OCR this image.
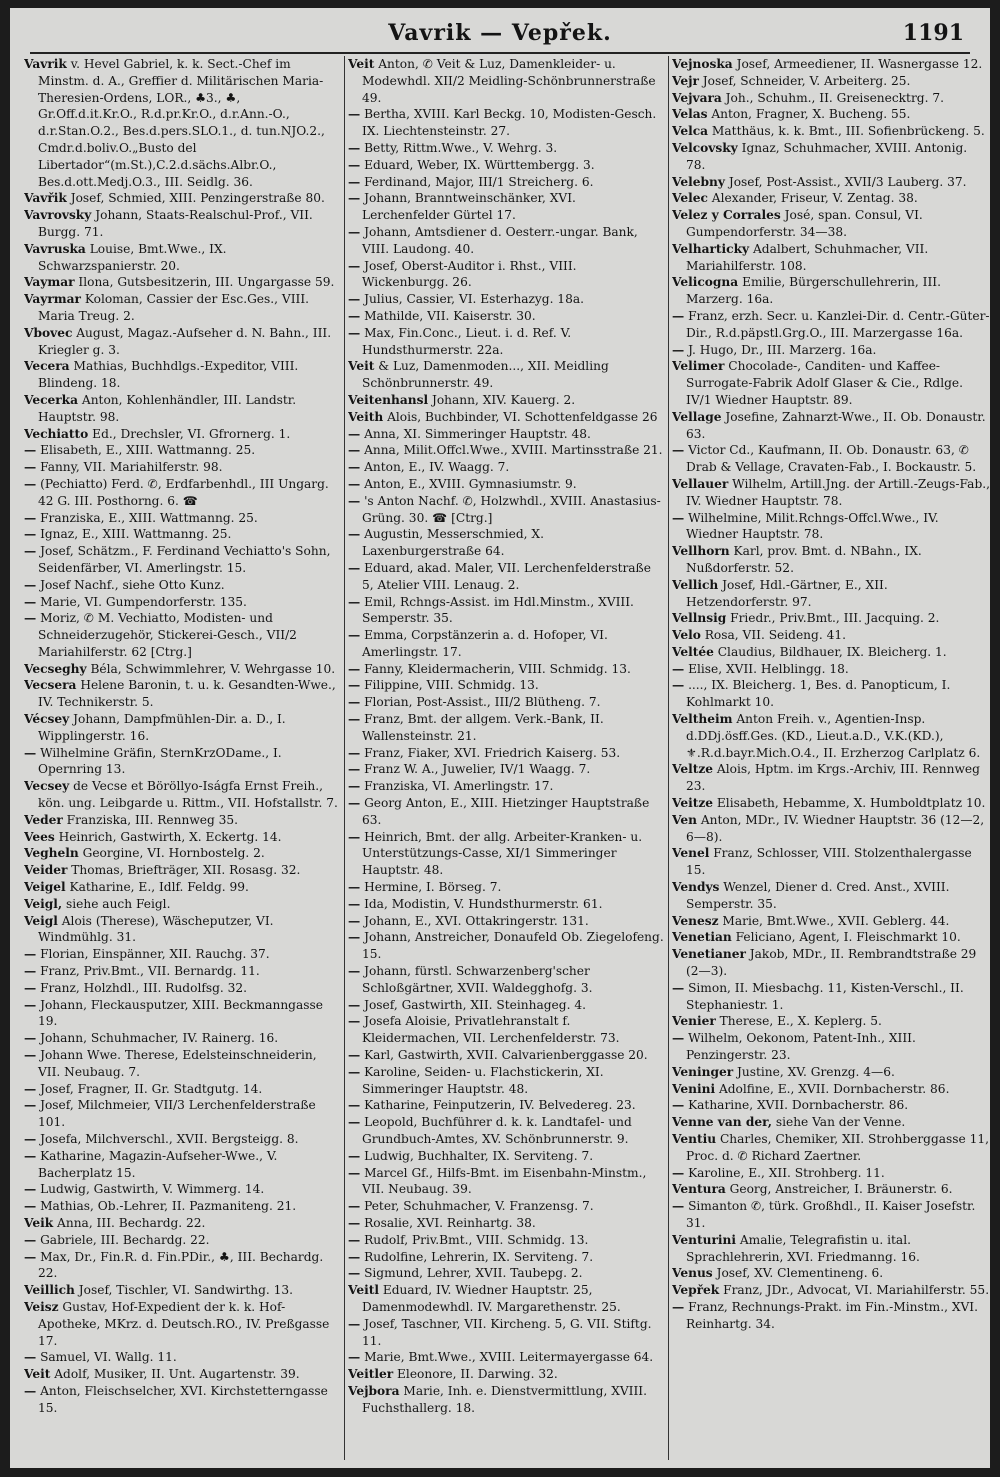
Vavrik — Vepřek.	1191

Vavrik v. Hevel Gabriel, k. k. Sect.-Chef im Minstm. d. A., Greffier d. Militärischen Maria-Theresien-Ordens, LOR., ♣3., ♣, Gr.Off.d.it.Kr.O., R.d.pr.Kr.O., d.r.Ann.-O., d.r.Stan.O.2., Bes.d.pers.SLO.1., d. tun.NJO.2., Cmdr.d.boliv.O.„Busto del Libertador“(m.St.),C.2.d.sächs.Albr.O., Bes.d.ott.Medj.O.3., III. Seidlg. 36.

Vavřik Josef, Schmied, XIII. Penzingerstraße 80.

Vavrovsky Johann, Staats-Realschul-Prof., VII. Burgg. 71.

Vavruska Louise, Bmt.Wwe., IX. Schwarzspanierstr. 20.

Vaymar Ilona, Gutsbesitzerin, III. Ungargasse 59.

Vayrmar Koloman, Cassier der Esc.Ges., VIII. Maria Treug. 2.

Vbovec August, Magaz.-Aufseher d. N. Bahn., III. Kriegler g. 3.

Vecera Mathias, Buchhdlgs.-Expeditor, VIII. Blindeng. 18.

Vecerka Anton, Kohlenhändler, III. Landstr. Hauptstr. 98.

Vechiatto Ed., Drechsler, VI. Gfrornerg. 1.

— Elisabeth, E., XIII. Wattmanng. 25.

— Fanny, VII. Mariahilferstr. 98.

— (Pechiatto) Ferd. ✆, Erdfarbenhdl., III Ungarg. 42 G. III. Posthorng. 6. ☎

— Franziska, E., XIII. Wattmanng. 25.

— Ignaz, E., XIII. Wattmanng. 25.

— Josef, Schätzm., F. Ferdinand Vechiatto's Sohn, Seidenfärber, VI. Amerlingstr. 15.

— Josef Nachf., siehe Otto Kunz.

— Marie, VI. Gumpendorferstr. 135.

— Moriz, ✆ M. Vechiatto, Modisten- und Schneiderzugehör, Stickerei-Gesch., VII/2 Mariahilferstr. 62 [Ctrg.]

Vecseghy Béla, Schwimmlehrer, V. Wehrgasse 10.

Vecsera Helene Baronin, t. u. k. Gesandten-Wwe., IV. Technikerstr. 5.

Vécsey Johann, Dampfmühlen-Dir. a. D., I. Wipplingerstr. 16.

— Wilhelmine Gräfin, SternKrzODame., I. Opernring 13.

Vecsey de Vecse et Böröllyo-Iságfa Ernst Freih., kön. ung. Leibgarde u. Rittm., VII. Hofstallstr. 7.

Veder Franziska, III. Rennweg 35.

Vees Heinrich, Gastwirth, X. Eckertg. 14.

Vegheln Georgine, VI. Hornbostelg. 2.

Veider Thomas, Briefträger, XII. Rosasg. 32.

Veigel Katharine, E., Idlf. Feldg. 99.

Veigl, siehe auch Feigl.

Veigl Alois (Therese), Wäscheputzer, VI. Windmühlg. 31.

— Florian, Einspänner, XII. Rauchg. 37.

— Franz, Priv.Bmt., VII. Bernardg. 11.

— Franz, Holzhdl., III. Rudolfsg. 32.

— Johann, Fleckausputzer, XIII. Beckmanngasse 19.

— Johann, Schuhmacher, IV. Rainerg. 16.

— Johann Wwe. Therese, Edelsteinschneiderin, VII. Neubaug. 7.

— Josef, Fragner, II. Gr. Stadtgutg. 14.

— Josef, Milchmeier, VII/3 Lerchenfelderstraße 101.

— Josefa, Milchverschl., XVII. Bergsteigg. 8.

— Katharine, Magazin-Aufseher-Wwe., V. Bacherplatz 15.

— Ludwig, Gastwirth, V. Wimmerg. 14.

— Mathias, Ob.-Lehrer, II. Pazmaniteng. 21.

Veik Anna, III. Bechardg. 22.

— Gabriele, III. Bechardg. 22.

— Max, Dr., Fin.R. d. Fin.PDir., ♣, III. Bechardg. 22.

Veillich Josef, Tischler, VI. Sandwirthg. 13.

Veisz Gustav, Hof-Expedient der k. k. Hof-Apotheke, MKrz. d. Deutsch.RO., IV. Preßgasse 17.

— Samuel, VI. Wallg. 11.

Veit Adolf, Musiker, II. Unt. Augartenstr. 39.

— Anton, Fleischselcher, XVI. Kirchstetterngasse 15.

Veit Anton, ✆ Veit & Luz, Damenkleider- u. Modewhdl. XII/2 Meidling-Schönbrunnerstraße 49.

— Bertha, XVIII. Karl Beckg. 10, Modisten-Gesch. IX. Liechtensteinstr. 27.

— Betty, Rittm.Wwe., V. Wehrg. 3.

— Eduard, Weber, IX. Württembergg. 3.

— Ferdinand, Major, III/1 Streicherg. 6.

— Johann, Branntweinschänker, XVI. Lerchenfelder Gürtel 17.

— Johann, Amtsdiener d. Oesterr.-ungar. Bank, VIII. Laudong. 40.

— Josef, Oberst-Auditor i. Rhst., VIII. Wickenburgg. 26.

— Julius, Cassier, VI. Esterhazyg. 18a.

— Mathilde, VII. Kaiserstr. 30.

— Max, Fin.Conc., Lieut. i. d. Ref. V. Hundsthurmerstr. 22a.

Veit & Luz, Damenmoden..., XII. Meidling Schönbrunnerstr. 49.

Veitenhansl Johann, XIV. Kauerg. 2.

Veith Alois, Buchbinder, VI. Schottenfeldgasse 26

— Anna, XI. Simmeringer Hauptstr. 48.

— Anna, Milit.Offcl.Wwe., XVIII. Martinsstraße 21.

— Anton, E., IV. Waagg. 7.

— Anton, E., XVIII. Gymnasiumstr. 9.

— 's Anton Nachf. ✆, Holzwhdl., XVIII. Anastasius-Grüng. 30. ☎ [Ctrg.]

— Augustin, Messerschmied, X. Laxenburgerstraße 64.

— Eduard, akad. Maler, VII. Lerchenfelderstraße 5, Atelier VIII. Lenaug. 2.

— Emil, Rchngs-Assist. im Hdl.Minstm., XVIII. Semperstr. 35.

— Emma, Corpstänzerin a. d. Hofoper, VI. Amerlingstr. 17.

— Fanny, Kleidermacherin, VIII. Schmidg. 13.

— Filippine, VIII. Schmidg. 13.

— Florian, Post-Assist., III/2 Blütheng. 7.

— Franz, Bmt. der allgem. Verk.-Bank, II. Wallensteinstr. 21.

— Franz, Fiaker, XVI. Friedrich Kaiserg. 53.

— Franz W. A., Juwelier, IV/1 Waagg. 7.

— Franziska, VI. Amerlingstr. 17.

— Georg Anton, E., XIII. Hietzinger Hauptstraße 63.

— Heinrich, Bmt. der allg. Arbeiter-Kranken- u. Unterstützungs-Casse, XI/1 Simmeringer Hauptstr. 48.

— Hermine, I. Börseg. 7.

— Ida, Modistin, V. Hundsthurmerstr. 61.

— Johann, E., XVI. Ottakringerstr. 131.

— Johann, Anstreicher, Donaufeld Ob. Ziegelofeng. 15.

— Johann, fürstl. Schwarzenberg'scher Schloßgärtner, XVII. Waldegghofg. 3.

— Josef, Gastwirth, XII. Steinhageg. 4.

— Josefa Aloisie, Privatlehranstalt f. Kleidermachen, VII. Lerchenfelderstr. 73.

— Karl, Gastwirth, XVII. Calvarienberggasse 20.

— Karoline, Seiden- u. Flachstickerin, XI. Simmeringer Hauptstr. 48.

— Katharine, Feinputzerin, IV. Belvedereg. 23.

— Leopold, Buchführer d. k. k. Landtafel- und Grundbuch-Amtes, XV. Schönbrunnerstr. 9.

— Ludwig, Buchhalter, IX. Serviteng. 7.

— Marcel Gf., Hilfs-Bmt. im Eisenbahn-Minstm., VII. Neubaug. 39.

— Peter, Schuhmacher, V. Franzensg. 7.

— Rosalie, XVI. Reinhartg. 38.

— Rudolf, Priv.Bmt., VIII. Schmidg. 13.

— Rudolfine, Lehrerin, IX. Serviteng. 7.

— Sigmund, Lehrer, XVII. Taubерg. 2.

Veitl Eduard, IV. Wiedner Hauptstr. 25, Damenmodewhdl. IV. Margarethenstr. 25.

— Josef, Taschner, VII. Kircheng. 5, G. VII. Stiftg. 11.

— Marie, Bmt.Wwe., XVIII. Leitermayergasse 64.

Veitler Eleonore, II. Darwing. 32.

Vejbora Marie, Inh. e. Dienstvermittlung, XVIII. Fuchsthallerg. 18.

Vejnoska Josef, Armeediener, II. Wasnergasse 12.

Vejr Josef, Schneider, V. Arbeiterg. 25.

Vejvara Joh., Schuhm., II. Greisenecktrg. 7.

Velas Anton, Fragner, X. Bucheng. 55.

Velca Matthäus, k. k. Bmt., III. Sofienbrückeng. 5.

Velcovsky Ignaz, Schuhmacher, XVIII. Antonig. 78.

Velebny Josef, Post-Assist., XVII/3 Lauberg. 37.

Velec Alexander, Friseur, V. Zentag. 38.

Velez y Corrales José, span. Consul, VI. Gumpendorferstr. 34—38.

Velharticky Adalbert, Schuhmacher, VII. Mariahilferstr. 108.

Velicogna Emilie, Bürgerschullehrerin, III. Marzerg. 16a.

— Franz, erzh. Secr. u. Kanzlei-Dir. d. Centr.-Güter-Dir., R.d.päpstl.Grg.O., III. Marzergasse 16a.

— J. Hugo, Dr., III. Marzerg. 16a.

Velimer Chocolade-, Canditen- und Kaffee-Surrogate-Fabrik Adolf Glaser & Cie., Rdlge. IV/1 Wiedner Hauptstr. 89.

Vellage Josefine, Zahnarzt-Wwe., II. Ob. Donaustr. 63.

— Victor Cd., Kaufmann, II. Ob. Donaustr. 63, ✆ Drab & Vellage, Cravaten-Fab., I. Bockaustr. 5.

Vellauer Wilhelm, Artill.Jng. der Artill.-Zeugs-Fab., IV. Wiedner Hauptstr. 78.

— Wilhelmine, Milit.Rchngs-Offcl.Wwe., IV. Wiedner Hauptstr. 78.

Vellhorn Karl, prov. Bmt. d. NBahn., IX. Nußdorferstr. 52.

Vellich Josef, Hdl.-Gärtner, E., XII. Hetzendorferstr. 97.

Vellnsig Friedr., Priv.Bmt., III. Jacquing. 2.

Velo Rosa, VII. Seideng. 41.

Veltée Claudius, Bildhauer, IX. Bleicherg. 1.

— Elise, XVII. Helblingg. 18.

— ...., IX. Bleicherg. 1, Bes. d. Panopticum, I. Kohlmarkt 10.

Veltheim Anton Freih. v., Agentien-Insp. d.DDj.ösff.Ges. (KD., Lieut.a.D., V.K.(KD.), ⚜.R.d.bayr.Mich.O.4., II. Erzherzog Carlplatz 6.

Veltze Alois, Hptm. im Krgs.-Archiv, III. Rennweg 23.

Veitze Elisabeth, Hebamme, X. Humboldtplatz 10.

Ven Anton, MDr., IV. Wiedner Hauptstr. 36 (12—2, 6—8).

Venel Franz, Schlosser, VIII. Stolzenthalergasse 15.

Vendys Wenzel, Diener d. Cred. Anst., XVIII. Semperstr. 35.

Venesz Marie, Bmt.Wwe., XVII. Geblerg. 44.

Venetian Feliciano, Agent, I. Fleischmarkt 10.

Venetianer Jakob, MDr., II. Rembrandtstraße 29 (2—3).

— Simon, II. Miesbachg. 11, Kisten-Verschl., II. Stephaniestr. 1.

Venier Therese, E., X. Keplerg. 5.

— Wilhelm, Oekonom, Patent-Inh., XIII. Penzingerstr. 23.

Veninger Justine, XV. Grenzg. 4—6.

Venini Adolfine, E., XVII. Dornbacherstr. 86.

— Katharine, XVII. Dornbacherstr. 86.

Venne van der, siehe Van der Venne.

Ventiu Charles, Chemiker, XII. Strohberggasse 11, Proc. d. ✆ Richard Zaertner.

— Karoline, E., XII. Strohberg. 11.

Ventura Georg, Anstreicher, I. Bräunerstr. 6.

— Simanton ✆, türk. Großhdl., II. Kaiser Josefstr. 31.

Venturini Amalie, Telegrafistin u. ital. Sprachlehrerin, XVI. Friedmanng. 16.

Venus Josef, XV. Clementineng. 6.

Vepřek Franz, JDr., Advocat, VI. Mariahilferstr. 55.

— Franz, Rechnungs-Prakt. im Fin.-Minstm., XVI. Reinhartg. 34.
